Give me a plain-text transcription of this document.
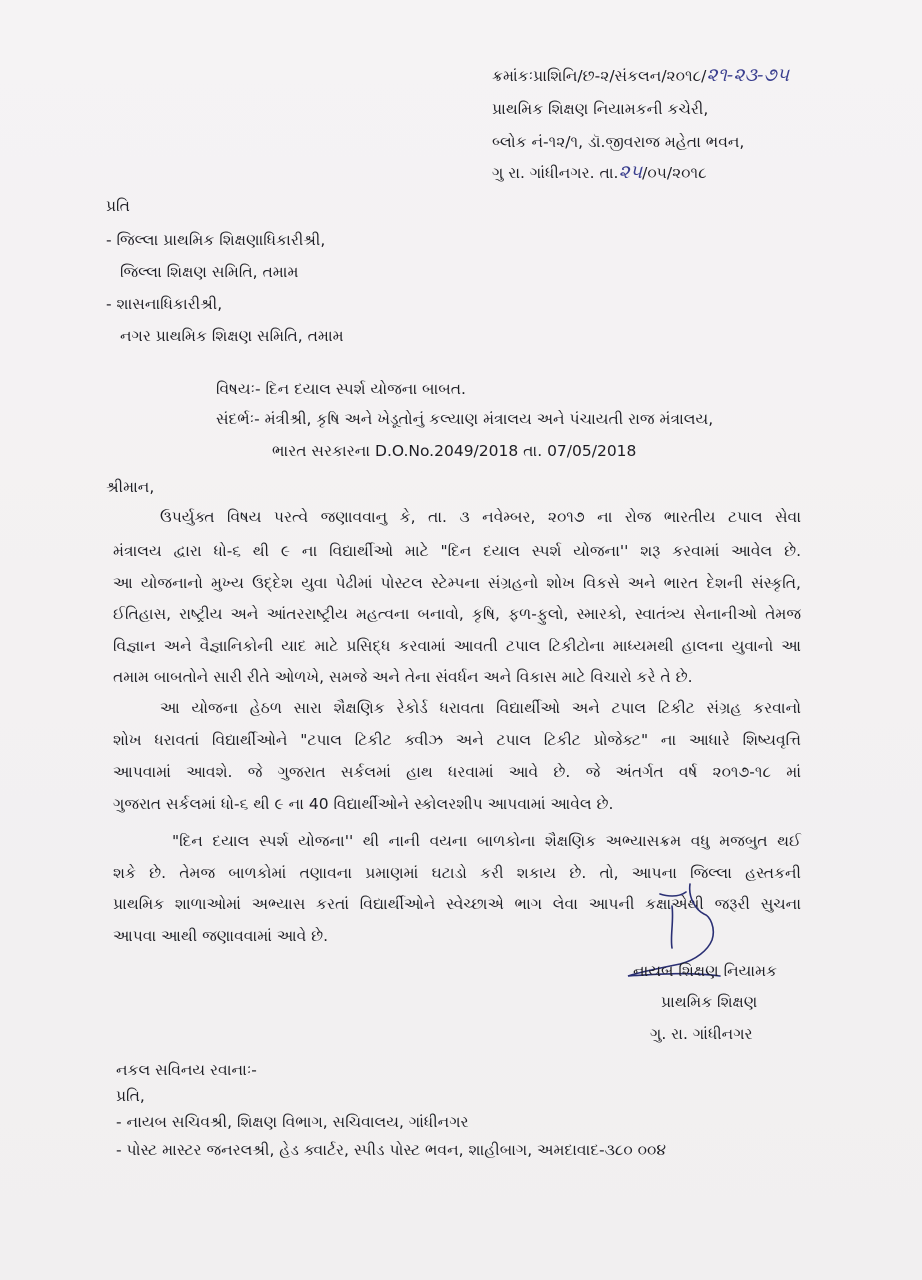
ક્રમાંકઃપ્રાશિનિ/છ-૨/સંકલન/૨૦૧૮/૨૧-૨૩-૭૫
પ્રાથમિક શિક્ષણ નિયામકની કચેરી,
બ્લોક નં-૧૨/૧, ડૉ.જીવરાજ મહેતા ભવન,
ગુ રા. ગાંધીનગર. તા.૨૫/૦૫/૨૦૧૮
પ્રતિ
- જિલ્લા પ્રાથમિક શિક્ષણાધિકારીશ્રી,
જિલ્લા શિક્ષણ સમિતિ, તમામ
- શાસનાધિકારીશ્રી,
નગર પ્રાથમિક શિક્ષણ સમિતિ, તમામ
વિષયઃ- દિન દયાલ સ્પર્શ યોજના બાબત.
સંદર્ભઃ- મંત્રીશ્રી, કૃષિ અને ખેડૂતોનું કલ્યાણ મંત્રાલય અને પંચાયતી રાજ મંત્રાલય,
ભારત સરકારના D.O.No.2049/2018 તા. 07/05/2018
શ્રીમાન,
ઉપર્યુક્ત વિષય પરત્વે જણાવવાનુ કે, તા. ૩ નવેમ્બર, ૨૦૧૭ ના રોજ ભારતીય ટપાલ સેવા
મંત્રાલય દ્વારા ધો-૬ થી ૯ ના વિદ્યાર્થીઓ માટે "દિન દયાલ સ્પર્શ યોજના'' શરૂ કરવામાં આવેલ છે.
આ યોજનાનો મુખ્ય ઉદ્દેશ યુવા પેઢીમાં પોસ્ટલ સ્ટેમ્પના સંગ્રહનો શોખ વિકસે અને ભારત દેશની સંસ્કૃતિ,
ઈતિહાસ, રાષ્ટ્રીય અને આંતરરાષ્ટ્રીય મહત્વના બનાવો, કૃષિ, ફળ-ફુલો, સ્મારકો, સ્વાતંત્ર્ય સેનાનીઓ તેમજ
વિજ્ઞાન અને વૈજ્ઞાનિકોની યાદ માટે પ્રસિદ્ધ કરવામાં આવતી ટપાલ ટિકીટોના માધ્યમથી હાલના યુવાનો આ
તમામ બાબતોને સારી રીતે ઓળખે, સમજે અને તેના સંવર્ધન અને વિકાસ માટે વિચારો કરે તે છે.
આ યોજના હેઠળ સારા શૈક્ષણિક રેકોર્ડ ધરાવતા વિદ્યાર્થીઓ અને ટપાલ ટિકીટ સંગ્રહ કરવાનો
શોખ ધરાવતાં વિદ્યાર્થીઓને "ટપાલ ટિકીટ ક્વીઝ અને ટપાલ ટિકીટ પ્રોજેક્ટ" ના આધારે શિષ્યવૃત્તિ
આપવામાં આવશે. જે ગુજરાત સર્કલમાં હાથ ધરવામાં આવે છે. જે અંતર્ગત વર્ષ ૨૦૧૭-૧૮ માં
ગુજરાત સર્કલમાં ધો-૬ થી ૯ ના 40 વિદ્યાર્થીઓને સ્કોલરશીપ આપવામાં આવેલ છે.
"દિન દયાલ સ્પર્શ યોજના'' થી નાની વયના બાળકોના શૈક્ષણિક અભ્યાસક્રમ વધુ મજબુત થઈ
શકે છે. તેમજ બાળકોમાં તણાવના પ્રમાણમાં ઘટાડો કરી શકાય છે. તો, આપના જિલ્લા હસ્તકની
પ્રાથમિક શાળાઓમાં અભ્યાસ કરતાં વિદ્યાર્થીઓને સ્વેચ્છાએ ભાગ લેવા આપની કક્ષાએથી જરૂરી સુચના
આપવા આથી જણાવવામાં આવે છે.
નાયબ શિક્ષણ નિયામક
પ્રાથમિક શિક્ષણ
ગુ. રા. ગાંધીનગર
નકલ સવિનય રવાનાઃ-
પ્રતિ,
- નાયબ સચિવશ્રી, શિક્ષણ વિભાગ, સચિવાલય, ગાંધીનગર
- પોસ્ટ માસ્ટર જનરલશ્રી, હેડ ક્વાર્ટર, સ્પીડ પોસ્ટ ભવન, શાહીબાગ, અમદાવાદ-૩૮૦ ૦૦૪
